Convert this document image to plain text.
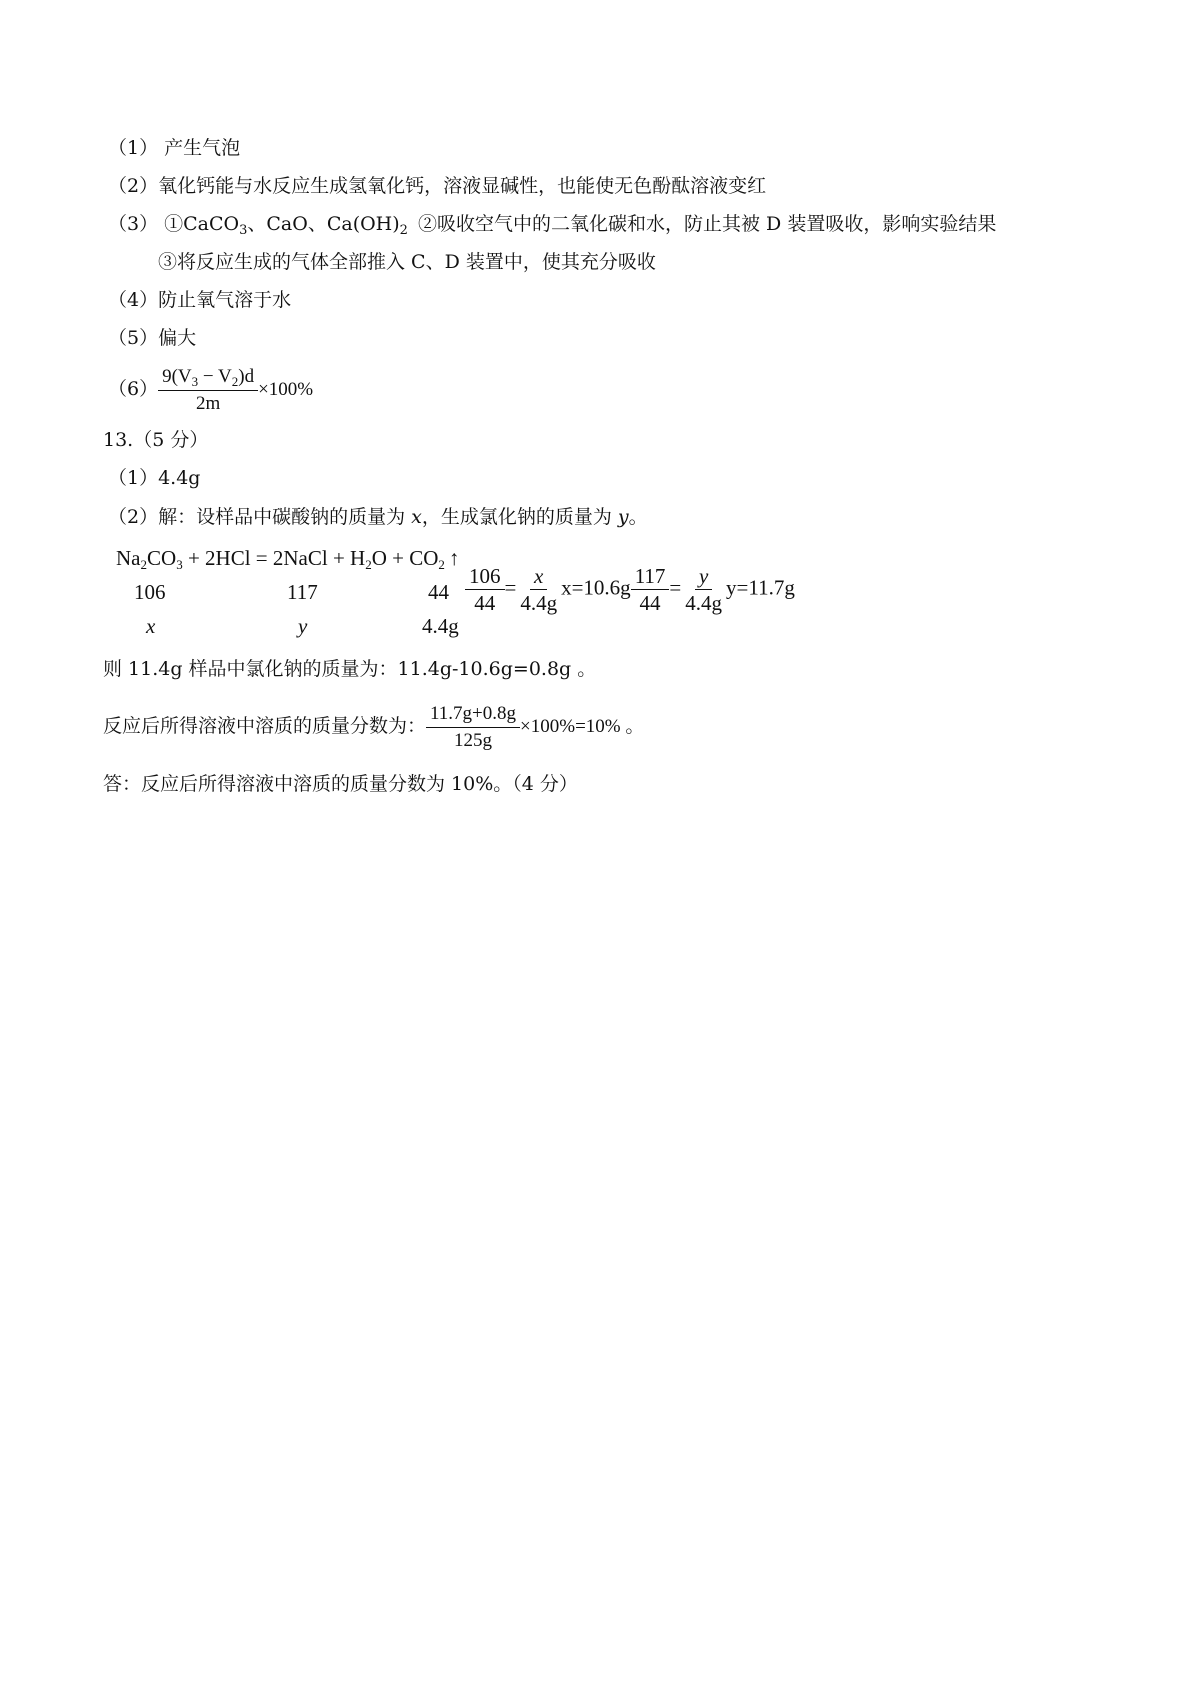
（1） 产生气泡
（2）氧化钙能与水反应生成氢氧化钙，溶液显碱性，也能使无色酚酞溶液变红
（3） ①CaCO$_3$、CaO、$Ca(OH)_2$ ②吸收空气中的二氧化碳和水，防止其被 D 装置吸收，影响实验结果
③将反应生成的气体全部推入 C、D 装置中，使其充分吸收
（4）防止氧气溶于水
（5）偏大
$(6) \frac{9(V_3 - V_2)d}{2m} \times 100\%$
13.（5 分）
（1）4.4g
（2）解：设样品中碳酸钠的质量为 x，生成氯化钠的质量为 y。
$Na_2CO_3 + 2HCl$ = 2NaCl + $H_2O + CO_2$ ↑
106	117	44
x	y	4.4g
$\frac{106}{44} = \frac{x}{4.4g} x=10.6g \frac{117}{44} = \frac{y}{4.4g} y=11.7g$
则 11.4g 样品中氯化钠的质量为：11.4g-10.6g=0.8g 。
反应后所得溶液中溶质的质量分数为： $\frac{11.7g+0.8g}{125g} \times 100\%=10\%$ 。
答：反应后所得溶液中溶质的质量分数为 10%。（4 分）
